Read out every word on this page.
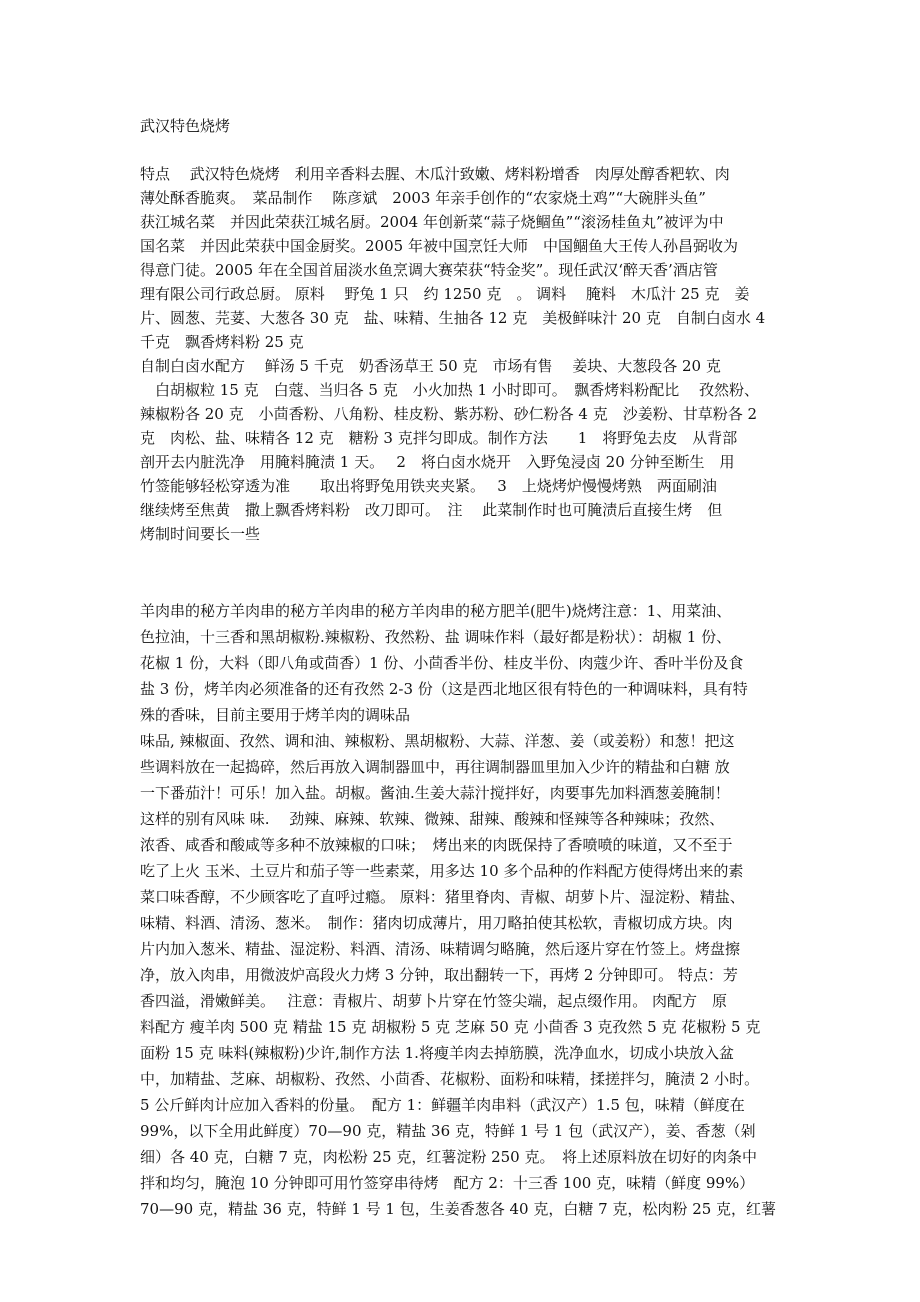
武汉特色烧烤
特点　 武汉特色烧烤　利用辛香料去腥、木瓜汁致嫩、烤料粉增香　肉厚处醇香粑软、肉
薄处酥香脆爽。　菜品制作　 陈彦斌　2003 年亲手创作的“农家烧土鸡”“大碗胖头鱼”
获江城名菜　并因此荣获江城名厨。2004 年创新菜“蒜子烧鲴鱼”“滚汤桂鱼丸”被评为中
国名菜　并因此荣获中国金厨奖。2005 年被中国烹饪大师　中国鲴鱼大王传人孙昌弼收为
得意门徒。2005 年在全国首届淡水鱼烹调大赛荣获“特金奖”。现任武汉‘醉天香’酒店管
理有限公司行政总厨。 原料　 野兔 1 只　约 1250 克　。 调料　 腌料　木瓜汁 25 克　姜
片、圆葱、芫荽、大葱各 30 克　盐、味精、生抽各 12 克　美极鲜味汁 20 克　自制白卤水 4
千克　飘香烤料粉 25 克
自制白卤水配方　 鲜汤 5 千克　奶香汤草王 50 克　市场有售　 姜块、大葱段各 20 克
　白胡椒粒 15 克　白蔻、当归各 5 克　小火加热 1 小时即可。　飘香烤料粉配比　 孜然粉、
辣椒粉各 20 克　小茴香粉、八角粉、桂皮粉、紫苏粉、砂仁粉各 4 克　沙姜粉、甘草粉各 2
克　肉松、盐、味精各 12 克　糖粉 3 克拌匀即成。制作方法　　1　将野兔去皮　从背部
剖开去内脏洗净　用腌料腌渍 1 天。　 2　将白卤水烧开　入野兔浸卤 20 分钟至断生　用
竹签能够轻松穿透为准　　取出将野兔用铁夹夹紧。　 3　上烧烤炉慢慢烤熟　两面刷油
继续烤至焦黄　撒上飘香烤料粉　改刀即可。　注　 此菜制作时也可腌渍后直接生烤　但
烤制时间要长一些
羊肉串的秘方羊肉串的秘方羊肉串的秘方羊肉串的秘方肥羊(肥牛)烧烤注意：1、用菜油、
色拉油，十三香和黑胡椒粉.辣椒粉、孜然粉、盐 调味作料（最好都是粉状）：胡椒 1 份、
花椒 1 份，大料（即八角或茴香）1 份、小茴香半份、桂皮半份、肉蔻少许、香叶半份及食
盐 3 份，烤羊肉必须准备的还有孜然 2-3 份（这是西北地区很有特色的一种调味料，具有特
殊的香味，目前主要用于烤羊肉的调味品
味品, 辣椒面、孜然、调和油、辣椒粉、黑胡椒粉、大蒜、洋葱、姜（或姜粉）和葱！把这
些调料放在一起捣碎，然后再放入调制器皿中，再往调制器皿里加入少许的精盐和白糖 放
一下番茄汁！可乐！加入盐。胡椒。酱油.生姜大蒜汁搅拌好，肉要事先加料酒葱姜腌制！
这样的别有风味 味.　 劲辣、麻辣、软辣、微辣、甜辣、酸辣和怪辣等各种辣味；孜然、
浓香、咸香和酸咸等多种不放辣椒的口味；　烤出来的肉既保持了香喷喷的味道，又不至于
吃了上火 玉米、土豆片和茄子等一些素菜，用多达 10 多个品种的作料配方使得烤出来的素
菜口味香醇，不少顾客吃了直呼过瘾。 原料：猪里脊肉、青椒、胡萝卜片、湿淀粉、精盐、
味精、料酒、清汤、葱米。　制作：猪肉切成薄片，用刀略拍使其松软，青椒切成方块。肉
片内加入葱米、精盐、湿淀粉、料酒、清汤、味精调匀略腌，然后逐片穿在竹签上。烤盘擦
净，放入肉串，用微波炉高段火力烤 3 分钟，取出翻转一下，再烤 2 分钟即可。 特点：芳
香四溢，滑嫩鲜美。　 注意：青椒片、胡萝卜片穿在竹签尖端，起点缀作用。 肉配方　原
料配方 瘦羊肉 500 克 精盐 15 克 胡椒粉 5 克 芝麻 50 克 小茴香 3 克孜然 5 克 花椒粉 5 克
面粉 15 克 味料(辣椒粉)少许,制作方法 1.将瘦羊肉去掉筋膜，洗净血水，切成小块放入盆
中，加精盐、芝麻、胡椒粉、孜然、小茴香、花椒粉、面粉和味精，揉搓拌匀，腌渍 2 小时。
5 公斤鲜肉计应加入香料的份量。　配方 1：鲜疆羊肉串料（武汉产）1.5 包，味精（鲜度在
99%，以下全用此鲜度）70—90 克，精盐 36 克，特鲜 1 号 1 包（武汉产），姜、香葱（剁
细）各 40 克，白糖 7 克，肉松粉 25 克，红薯淀粉 250 克。　将上述原料放在切好的肉条中
拌和均匀，腌泡 10 分钟即可用竹签穿串待烤　配方 2：十三香 100 克，味精（鲜度 99%）
70—90 克，精盐 36 克，特鲜 1 号 1 包，生姜香葱各 40 克，白糖 7 克，松肉粉 25 克，红薯
